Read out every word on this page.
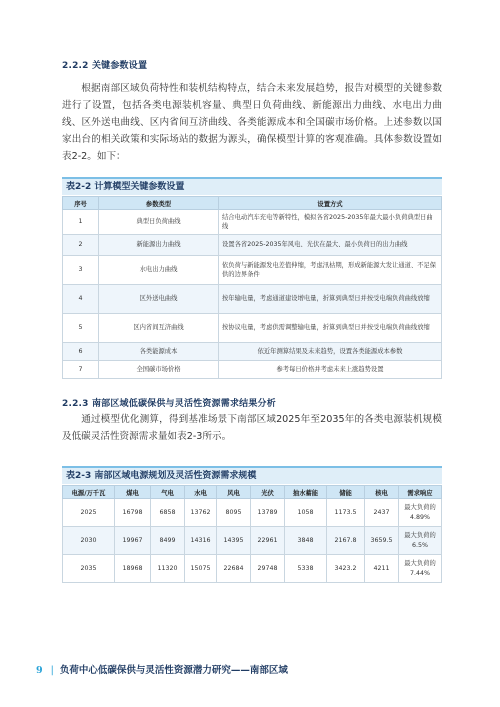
2.2.2 关键参数设置

根据南部区域负荷特性和装机结构特点，结合未来发展趋势，报告对模型的关键参数进行了设置，包括各类电源装机容量、典型日负荷曲线、新能源出力曲线、水电出力曲线、区外送电曲线、区内省间互济曲线、各类能源成本和全国碳市场价格。上述参数以国家出台的相关政策和实际场站的数据为源头，确保模型计算的客观准确。具体参数设置如表2-2。如下：

表2-2 计算模型关键参数设置
序号	参数类型	设置方式
1	典型日负荷曲线	结合电动汽车充电等新特性，模拟各省2025-2035年最大最小负荷典型日曲线
2	新能源出力曲线	设置各省2025-2035年风电、光伏在最大、最小负荷日的出力曲线
3	水电出力曲线	依负荷与新能源发电差值伸缩，考虑汛枯期，形成新能源大发让通道、不足保供的边界条件
4	区外送电曲线	按年输电量，考虑通道建设增电量，折算到典型日并按受电端负荷曲线放缩
5	区内省间互济曲线	按协议电量，考虑供需调整输电量，折算到典型日并按受电端负荷曲线放缩
6	各类能源成本	依近年测算结果及未来趋势，设置各类能源成本参数
7	全国碳市场价格	参考每日价格并考虑未来上涨趋势设置
2.2.3 南部区域低碳保供与灵活性资源需求结果分析

通过模型优化测算，得到基准场景下南部区域2025年至2035年的各类电源装机规模及低碳灵活性资源需求量如表2-3所示。

表2-3 南部区域电源规划及灵活性资源需求规模
电源/万千瓦	煤电	气电	水电	风电	光伏	抽水蓄能	储能	核电	需求响应
2025	16798	6858	13762	8095	13789	1058	1173.5	2437	最大负荷的4.89%
2030	19967	8499	14316	14395	22961	3848	2167.8	3659.5	最大负荷的6.5%
2035	18968	11320	15075	22684	29748	5338	3423.2	4211	最大负荷的7.44%
9 | 负荷中心低碳保供与灵活性资源潜力研究——南部区域
